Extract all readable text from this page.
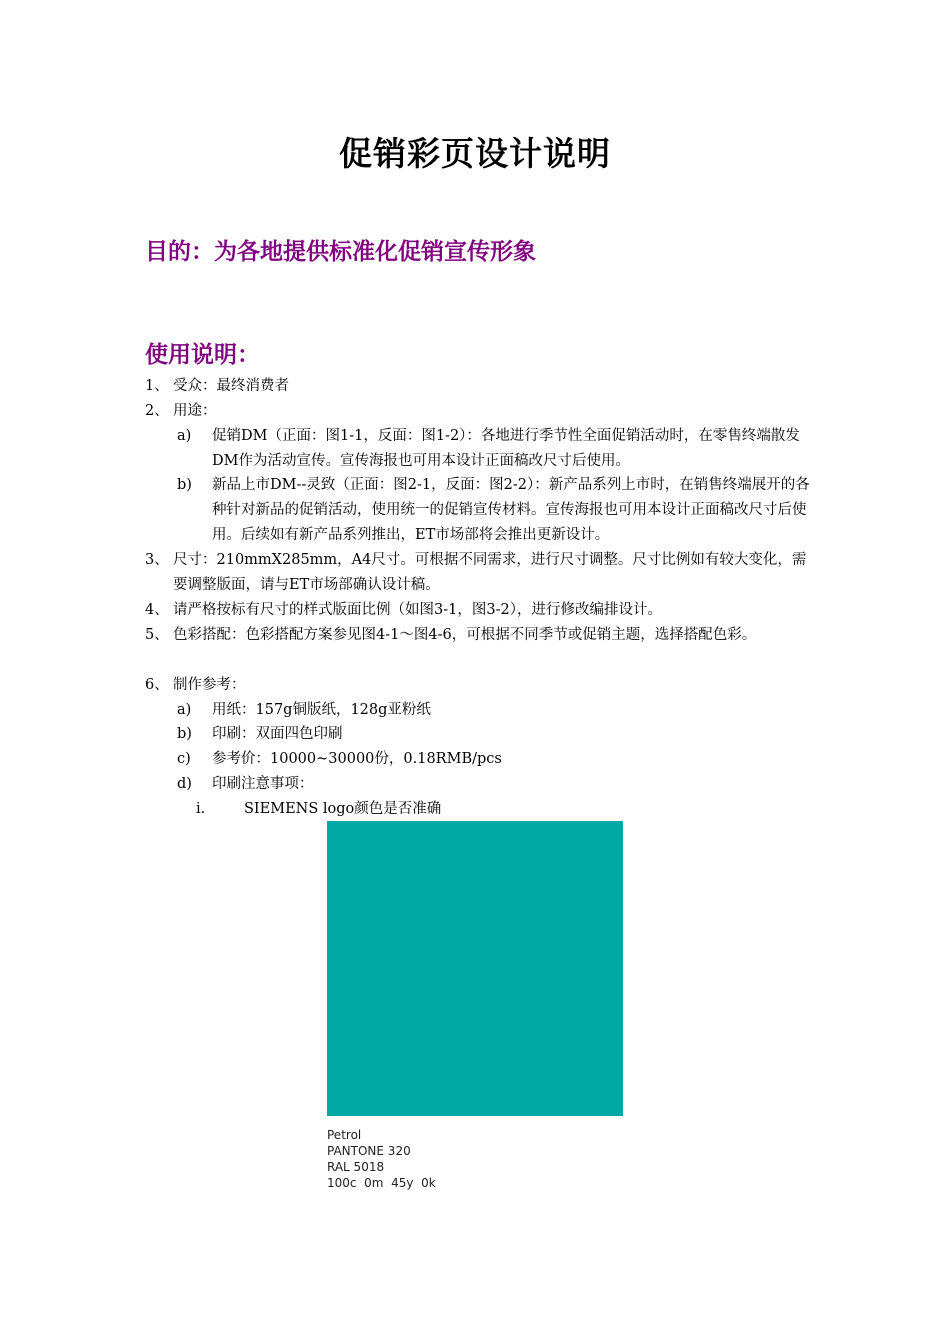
促销彩页设计说明
目的：为各地提供标准化促销宣传形象
使用说明：
1、 受众：最终消费者
2、 用途：
a) 促销DM（正面：图1-1，反面：图1-2）：各地进行季节性全面促销活动时，在零售终端散发DM作为活动宣传。宣传海报也可用本设计正面稿改尺寸后使用。
b) 新品上市DM--灵致（正面：图2-1，反面：图2-2）：新产品系列上市时，在销售终端展开的各种针对新品的促销活动，使用统一的促销宣传材料。宣传海报也可用本设计正面稿改尺寸后使用。后续如有新产品系列推出，ET市场部将会推出更新设计。
3、 尺寸：210mmX285mm，A4尺寸。可根据不同需求，进行尺寸调整。尺寸比例如有较大变化，需要调整版面，请与ET市场部确认设计稿。
4、 请严格按标有尺寸的样式版面比例（如图3-1，图3-2），进行修改编排设计。
5、 色彩搭配：色彩搭配方案参见图4-1～图4-6，可根据不同季节或促销主题，选择搭配色彩。
6、 制作参考：
a) 用纸：157g铜版纸，128g亚粉纸
b) 印刷：双面四色印刷
c) 参考价：10000~30000份，0.18RMB/pcs
d) 印刷注意事项：
i.	SIEMENS logo颜色是否准确
Petrol
PANTONE 320
RAL 5018
100c  0m  45y  0k
